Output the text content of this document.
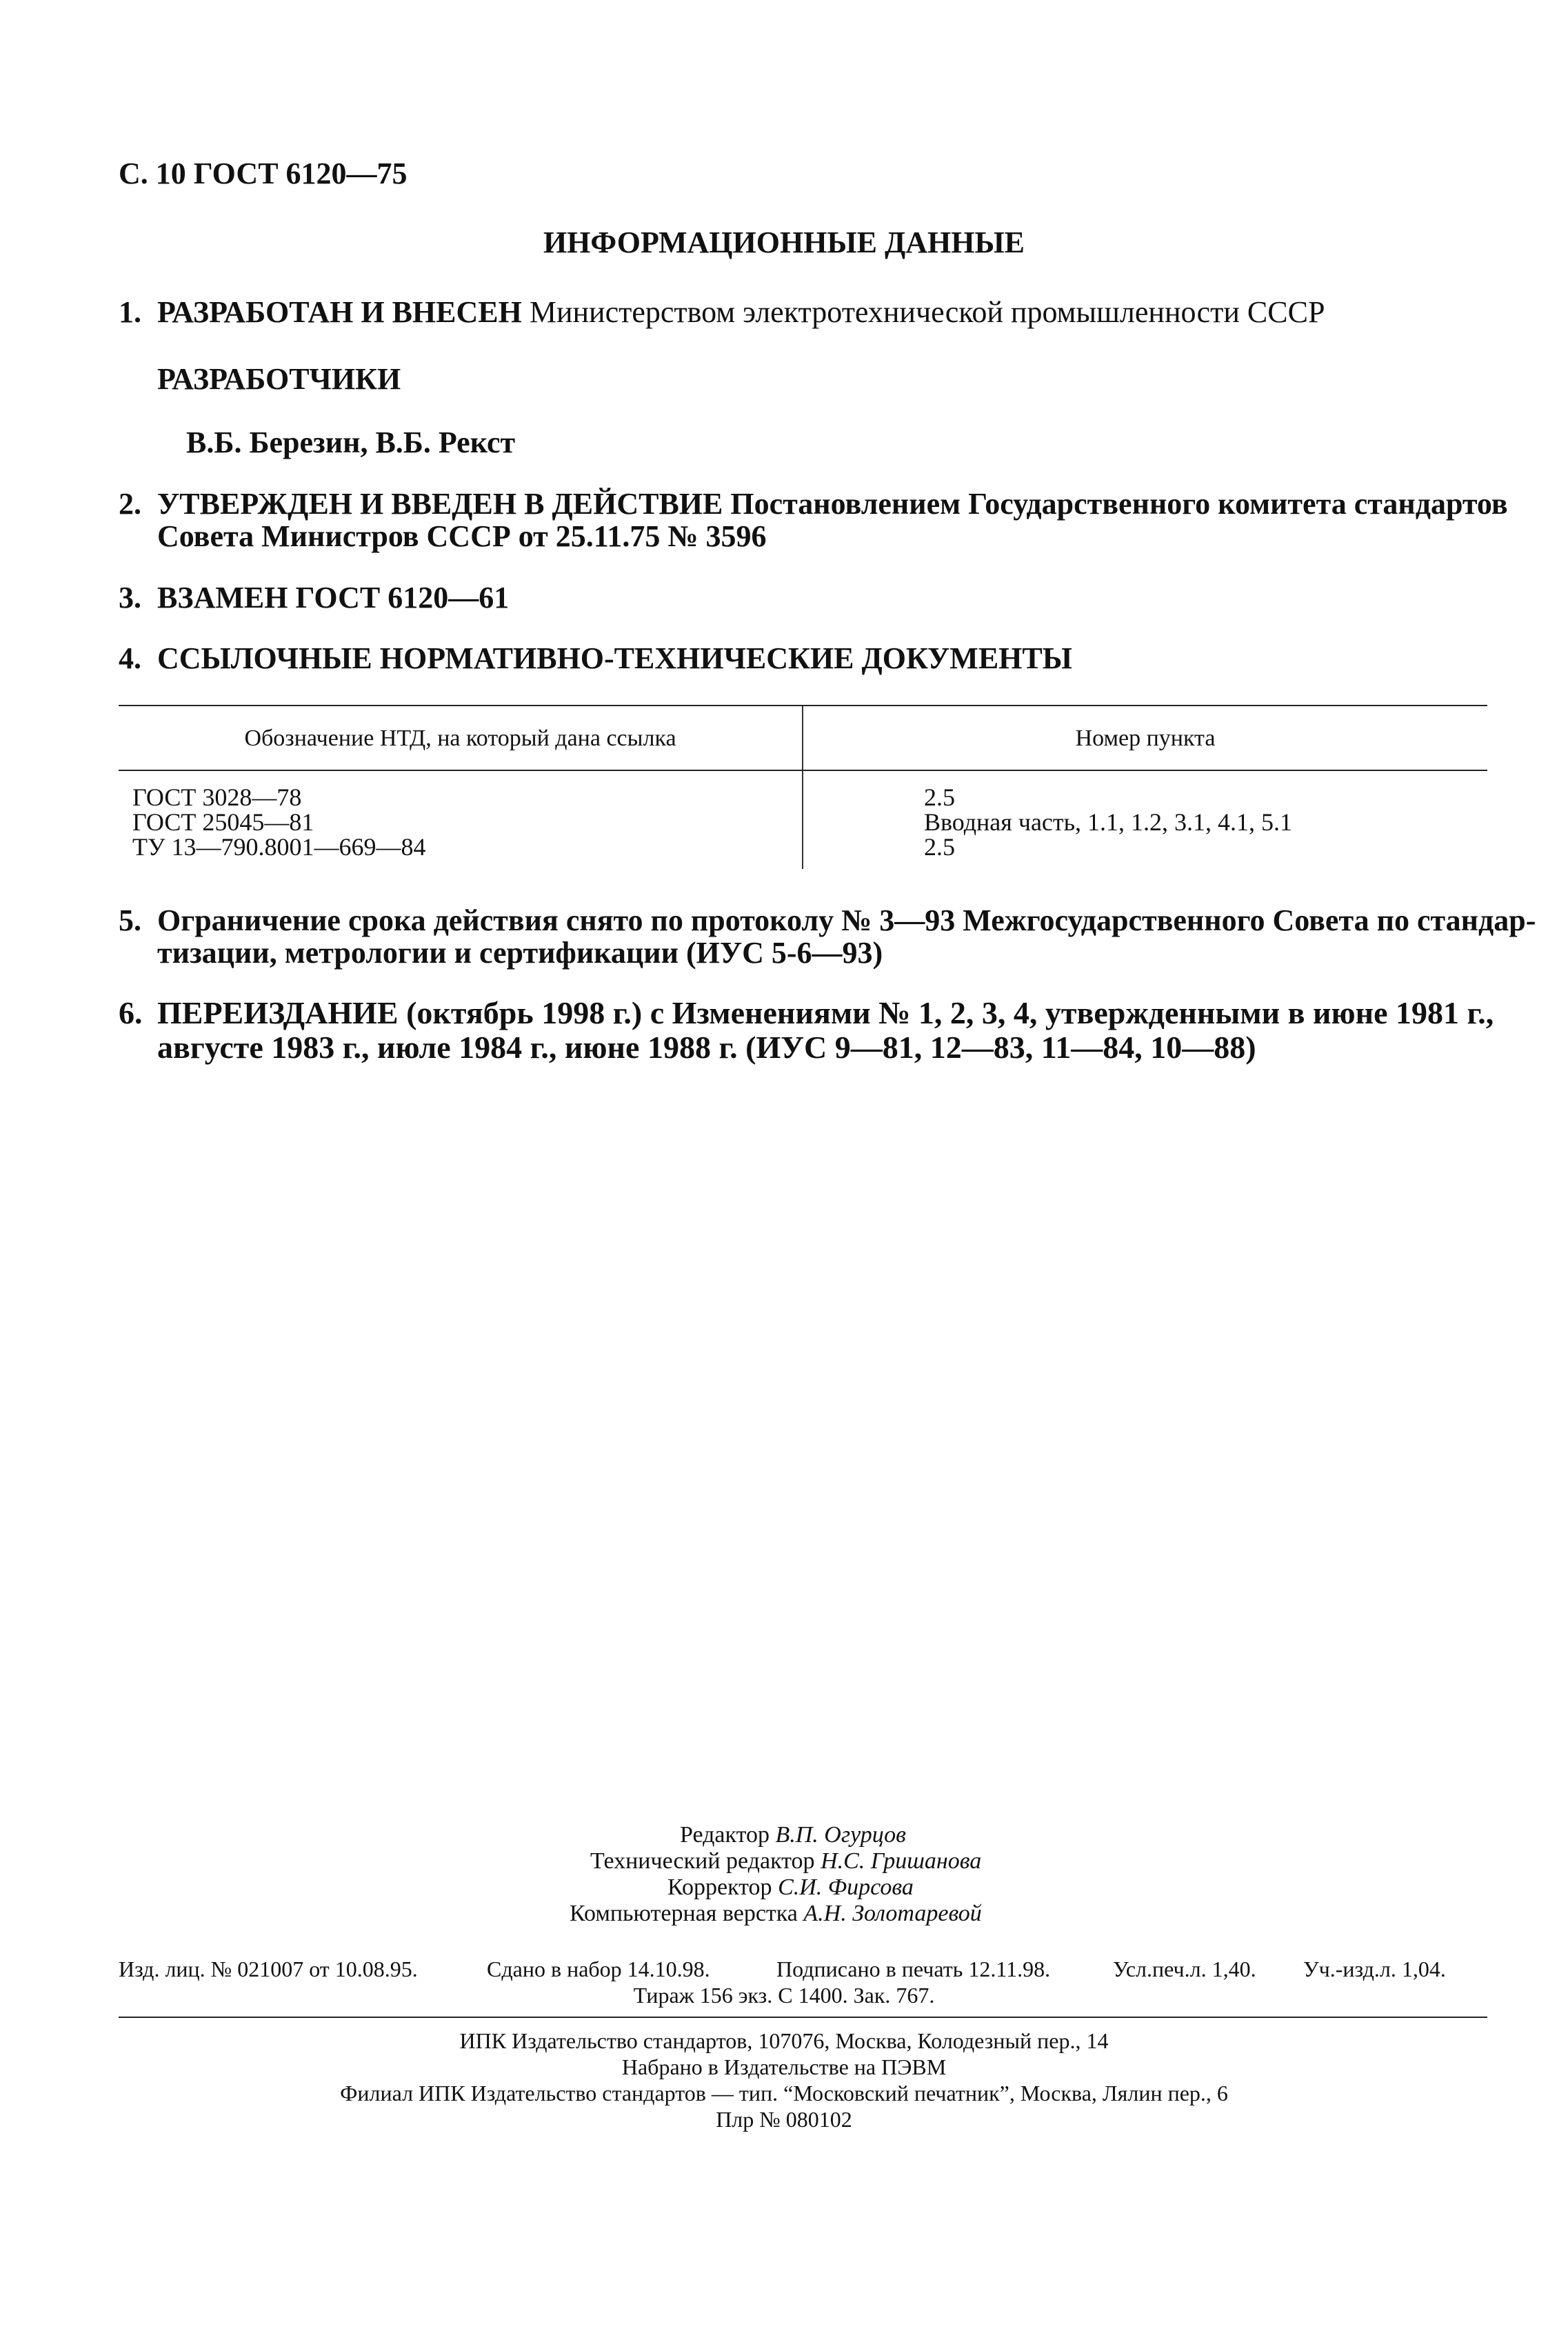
С. 10 ГОСТ 6120—75
ИНФОРМАЦИОННЫЕ ДАННЫЕ
1. РАЗРАБОТАН И ВНЕСЕН Министерством электротехнической промышленности СССР
РАЗРАБОТЧИКИ
В.Б. Березин, В.Б. Рекст
2. УТВЕРЖДЕН И ВВЕДЕН В ДЕЙСТВИЕ Постановлением Государственного комитета стандартов
Совета Министров СССР от 25.11.75 № 3596
3. ВЗАМЕН ГОСТ 6120—61
4. ССЫЛОЧНЫЕ НОРМАТИВНО-ТЕХНИЧЕСКИЕ ДОКУМЕНТЫ
Обозначение НТД, на который дана ссылка	Номер пункта
ГОСТ 3028—78	2.5
ГОСТ 25045—81	Вводная часть, 1.1, 1.2, 3.1, 4.1, 5.1
ТУ 13—790.8001—669—84	2.5
5. Ограничение срока действия снято по протоколу № 3—93 Межгосударственного Совета по стандар-
тизации, метрологии и сертификации (ИУС 5-6—93)
6. ПЕРЕИЗДАНИЕ (октябрь 1998 г.) с Изменениями № 1, 2, 3, 4, утвержденными в июне 1981 г.,
августе 1983 г., июле 1984 г., июне 1988 г. (ИУС 9—81, 12—83, 11—84, 10—88)
Редактор В.П. Огурцов
Технический редактор Н.С. Гришанова
Корректор С.И. Фирсова
Компьютерная верстка А.Н. Золотаревой
Изд. лиц. № 021007 от 10.08.95.	Сдано в набор 14.10.98.	Подписано в печать 12.11.98.	Усл.печ.л. 1,40. Уч.-изд.л. 1,04.
Тираж 156 экз. С 1400. Зак. 767.
ИПК Издательство стандартов, 107076, Москва, Колодезный пер., 14
Набрано в Издательстве на ПЭВМ
Филиал ИПК Издательство стандартов — тип. “Московский печатник”, Москва, Лялин пер., 6
Плр № 080102
